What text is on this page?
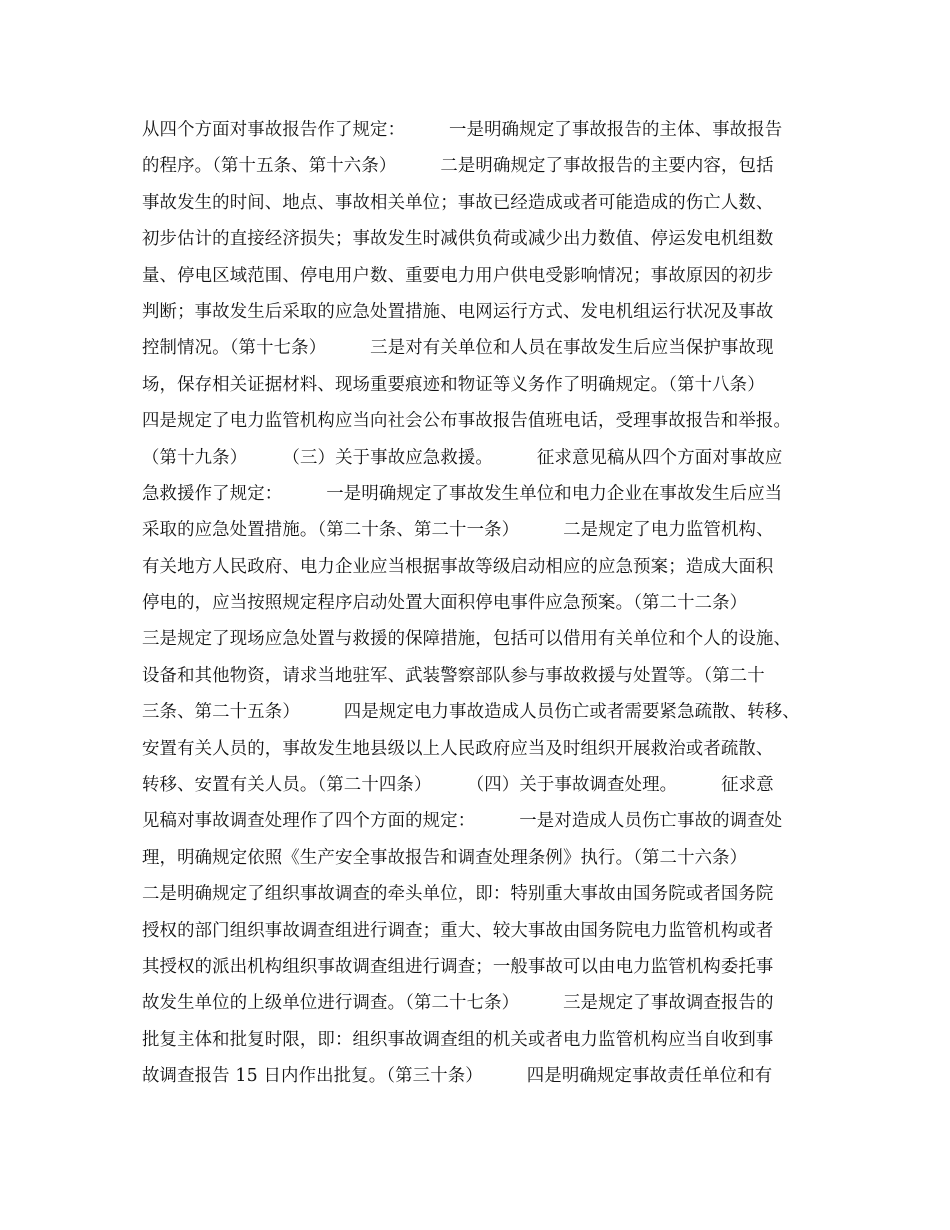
从四个方面对事故报告作了规定：　　　一是明确规定了事故报告的主体、事故报告
的程序。（第十五条、第十六条）　　　二是明确规定了事故报告的主要内容，包括
事故发生的时间、地点、事故相关单位；事故已经造成或者可能造成的伤亡人数、
初步估计的直接经济损失；事故发生时减供负荷或减少出力数值、停运发电机组数
量、停电区域范围、停电用户数、重要电力用户供电受影响情况；事故原因的初步
判断；事故发生后采取的应急处置措施、电网运行方式、发电机组运行状况及事故
控制情况。（第十七条）　　　三是对有关单位和人员在事故发生后应当保护事故现
场，保存相关证据材料、现场重要痕迹和物证等义务作了明确规定。（第十八条）
四是规定了电力监管机构应当向社会公布事故报告值班电话，受理事故报告和举报。
（第十九条）　　　（三）关于事故应急救援。　　　征求意见稿从四个方面对事故应
急救援作了规定：　　　一是明确规定了事故发生单位和电力企业在事故发生后应当
采取的应急处置措施。（第二十条、第二十一条）　　　二是规定了电力监管机构、
有关地方人民政府、电力企业应当根据事故等级启动相应的应急预案；造成大面积
停电的，应当按照规定程序启动处置大面积停电事件应急预案。（第二十二条）
三是规定了现场应急处置与救援的保障措施，包括可以借用有关单位和个人的设施、
设备和其他物资，请求当地驻军、武装警察部队参与事故救援与处置等。（第二十
三条、第二十五条）　　　四是规定电力事故造成人员伤亡或者需要紧急疏散、转移、
安置有关人员的，事故发生地县级以上人民政府应当及时组织开展救治或者疏散、
转移、安置有关人员。（第二十四条）　　　（四）关于事故调查处理。　　　征求意
见稿对事故调查处理作了四个方面的规定：　　　一是对造成人员伤亡事故的调查处
理，明确规定依照《生产安全事故报告和调查处理条例》执行。（第二十六条）
二是明确规定了组织事故调查的牵头单位，即：特别重大事故由国务院或者国务院
授权的部门组织事故调查组进行调查；重大、较大事故由国务院电力监管机构或者
其授权的派出机构组织事故调查组进行调查；一般事故可以由电力监管机构委托事
故发生单位的上级单位进行调查。（第二十七条）　　　三是规定了事故调查报告的
批复主体和批复时限，即：组织事故调查组的机关或者电力监管机构应当自收到事
故调查报告 15 日内作出批复。（第三十条）　　　四是明确规定事故责任单位和有
